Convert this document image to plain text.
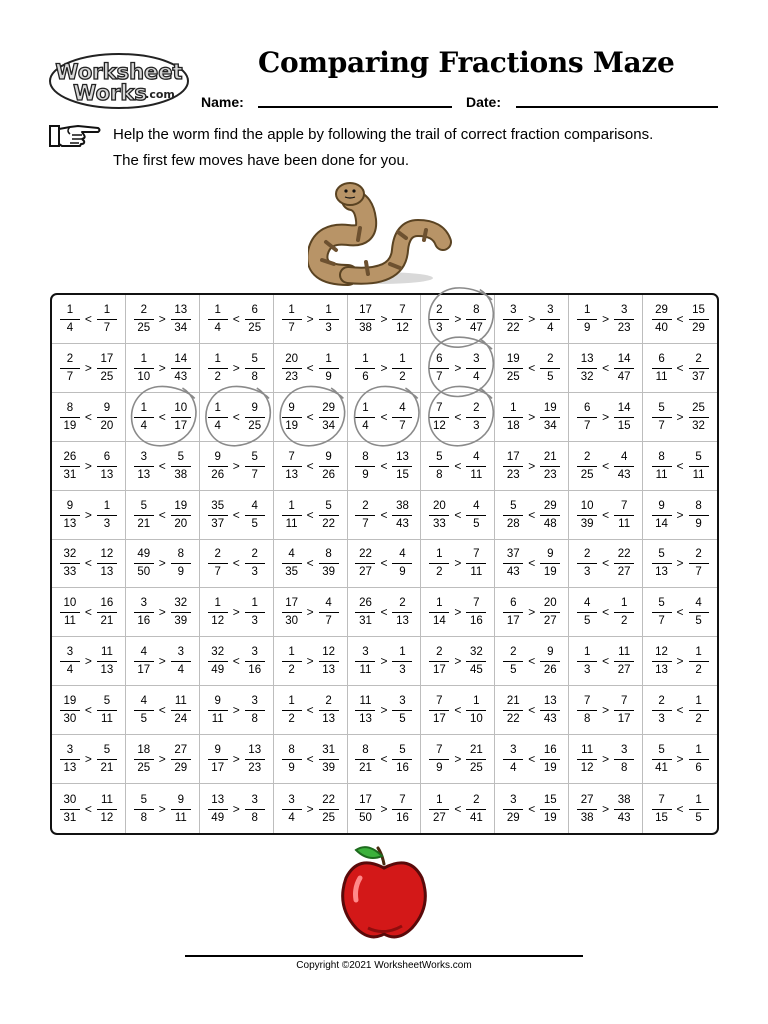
Worksheet
Works
.com
Comparing Fractions Maze
Name:	Date:
Help the worm find the apple by following the trail of correct fraction comparisons.
The first few moves have been done for you.
$\frac{1}{4} < \frac{1}{7} \frac{2}{25} > \frac{13}{34} \frac{1}{4} < \frac{6}{25} \frac{1}{7} > \frac{1}{3} \frac{17}{38} > \frac{7}{12} \frac{2}{3} > \frac{8}{47} \frac{3}{22} > \frac{3}{4} \frac{1}{9} > \frac{3}{23} \frac{29}{40} < \frac{15}{29}$
$\frac{2}{7} > \frac{17}{25} \frac{1}{10} > \frac{14}{43} \frac{1}{2} > \frac{5}{8} \frac{20}{23} < \frac{1}{9} \frac{1}{6} > \frac{1}{2} \frac{6}{7} > \frac{3}{4} \frac{19}{25} < \frac{2}{5} \frac{13}{32} < \frac{14}{47} \frac{6}{11} < \frac{2}{37}$
$\frac{8}{19} < \frac{9}{20} \frac{1}{4} < \frac{10}{17} \frac{1}{4} < \frac{9}{25} \frac{9}{19} < \frac{29}{34} \frac{1}{4} < \frac{4}{7} \frac{7}{12} < \frac{2}{3} \frac{1}{18} > \frac{19}{34} \frac{6}{7} > \frac{14}{15} \frac{5}{7} > \frac{25}{32}$
$\frac{26}{31} > \frac{6}{13} \frac{3}{13} < \frac{5}{38} \frac{9}{26} > \frac{5}{7} \frac{7}{13} < \frac{9}{26} \frac{8}{9} < \frac{13}{15} \frac{5}{8} < \frac{4}{11} \frac{17}{23} > \frac{21}{23} \frac{2}{25} < \frac{4}{43} \frac{8}{11} < \frac{5}{11}$
$\frac{9}{13} > \frac{1}{3} \frac{5}{21} < \frac{19}{20} \frac{35}{37} < \frac{4}{5} \frac{1}{11} < \frac{5}{22} \frac{2}{7} < \frac{38}{43} \frac{20}{33} < \frac{4}{5} \frac{5}{28} < \frac{29}{48} \frac{10}{39} < \frac{7}{11} \frac{9}{14} > \frac{8}{9}$
$\frac{32}{33} < \frac{12}{13} \frac{49}{50} > \frac{8}{9} \frac{2}{7} < \frac{2}{3} \frac{4}{35} < \frac{8}{39} \frac{22}{27} < \frac{4}{9} \frac{1}{2} > \frac{7}{11} \frac{37}{43} < \frac{9}{19} \frac{2}{3} < \frac{22}{27} \frac{5}{13} > \frac{2}{7}$
$\frac{10}{11} < \frac{16}{21} \frac{3}{16} > \frac{32}{39} \frac{1}{12} > \frac{1}{3} \frac{17}{30} > \frac{4}{7} \frac{26}{31} < \frac{2}{13} \frac{1}{14} > \frac{7}{16} \frac{6}{17} > \frac{20}{27} \frac{4}{5} < \frac{1}{2} \frac{5}{7} < \frac{4}{5}$
$\frac{3}{4} > \frac{11}{13} \frac{4}{17} > \frac{3}{4} \frac{32}{49} < \frac{3}{16} \frac{1}{2} > \frac{12}{13} \frac{3}{11} > \frac{1}{3} \frac{2}{17} > \frac{32}{45} \frac{2}{5} < \frac{9}{26} \frac{1}{3} < \frac{11}{27} \frac{12}{13} > \frac{1}{2}$
$\frac{19}{30} < \frac{5}{11} \frac{4}{5} < \frac{11}{24} \frac{9}{11} > \frac{3}{8} \frac{1}{2} < \frac{2}{13} \frac{11}{13} > \frac{3}{5} \frac{7}{17} < \frac{1}{10} \frac{21}{22} < \frac{13}{43} \frac{7}{8} > \frac{7}{17} \frac{2}{3} < \frac{1}{2}$
$\frac{3}{13} > \frac{5}{21} \frac{18}{25} > \frac{27}{29} \frac{9}{17} > \frac{13}{23} \frac{8}{9} < \frac{31}{39} \frac{8}{21} < \frac{5}{16} \frac{7}{9} > \frac{21}{25} \frac{3}{4} < \frac{16}{19} \frac{11}{12} > \frac{3}{8} \frac{5}{41} > \frac{1}{6}$
$\frac{30}{31} < \frac{11}{12} \frac{5}{8} > \frac{9}{11} \frac{13}{49} > \frac{3}{8} \frac{3}{4} > \frac{22}{25} \frac{17}{50} > \frac{7}{16} \frac{1}{27} < \frac{2}{41} \frac{3}{29} < \frac{15}{19} \frac{27}{38} > \frac{38}{43} \frac{7}{15} < \frac{1}{5}$
Copyright ©2021 WorksheetWorks.com
